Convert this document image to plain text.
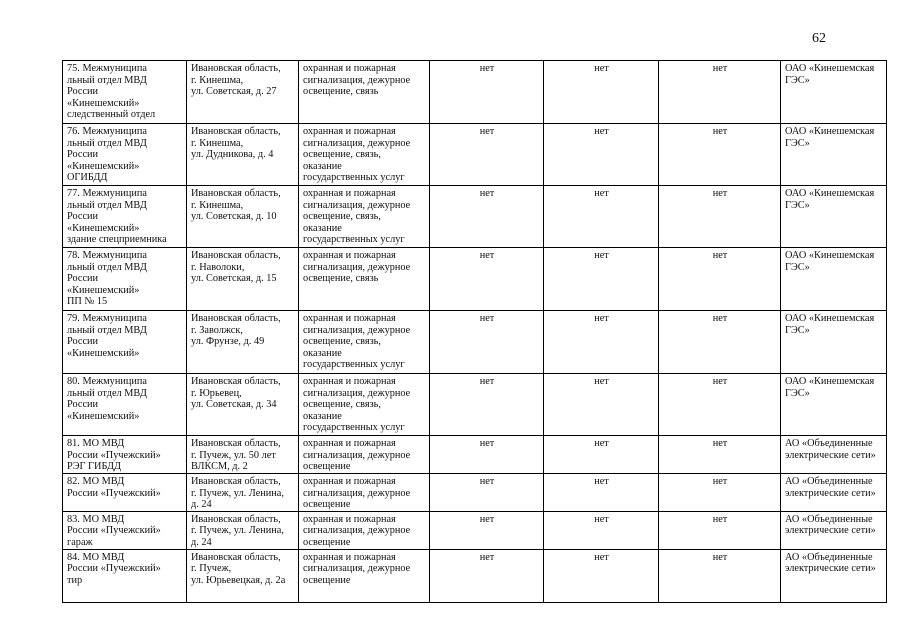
62
75. Межмуниципа
льный отдел МВД
России
«Кинешемский»
следственный отдел	Ивановская область,
г. Кинешма,
ул. Советская, д. 27	охранная и пожарная
сигнализация, дежурное
освещение, связь	нет	нет	нет	ОАО «Кинешемская
ГЭС»
76. Межмуниципа
льный отдел МВД
России
«Кинешемский»
ОГИБДД	Ивановская область,
г. Кинешма,
ул. Дудникова, д. 4	охранная и пожарная
сигнализация, дежурное
освещение, связь,
оказание
государственных услуг	нет	нет	нет	ОАО «Кинешемская
ГЭС»
77. Межмуниципа
льный отдел МВД
России
«Кинешемский»
здание спецприемника	Ивановская область,
г. Кинешма,
ул. Советская, д. 10	охранная и пожарная
сигнализация, дежурное
освещение, связь,
оказание
государственных услуг	нет	нет	нет	ОАО «Кинешемская
ГЭС»
78. Межмуниципа
льный отдел МВД
России
«Кинешемский»
ПП № 15	Ивановская область,
г. Наволоки,
ул. Советская, д. 15	охранная и пожарная
сигнализация, дежурное
освещение, связь	нет	нет	нет	ОАО «Кинешемская
ГЭС»
79. Межмуниципа
льный отдел МВД
России
«Кинешемский»	Ивановская область,
г. Заволжск,
ул. Фрунзе, д. 49	охранная и пожарная
сигнализация, дежурное
освещение, связь,
оказание
государственных услуг	нет	нет	нет	ОАО «Кинешемская
ГЭС»
80. Межмуниципа
льный отдел МВД
России
«Кинешемский»	Ивановская область,
г. Юрьевец,
ул. Советская, д. 34	охранная и пожарная
сигнализация, дежурное
освещение, связь,
оказание
государственных услуг	нет	нет	нет	ОАО «Кинешемская
ГЭС»
81. МО МВД
России «Пучежский»
РЭГ ГИБДД	Ивановская область,
г. Пучеж, ул. 50 лет
ВЛКСМ, д. 2	охранная и пожарная
сигнализация, дежурное
освещение	нет	нет	нет	АО «Объединенные
электрические сети»
82. МО МВД
России «Пучежский»	Ивановская область,
г. Пучеж, ул. Ленина,
д. 24	охранная и пожарная
сигнализация, дежурное
освещение	нет	нет	нет	АО «Объединенные
электрические сети»
83. МО МВД
России «Пучежский»
гараж	Ивановская область,
г. Пучеж, ул. Ленина,
д. 24	охранная и пожарная
сигнализация, дежурное
освещение	нет	нет	нет	АО «Объединенные
электрические сети»
84. МО МВД
России «Пучежский»
тир	Ивановская область,
г. Пучеж,
ул. Юрьевецкая, д. 2а	охранная и пожарная
сигнализация, дежурное
освещение	нет	нет	нет	АО «Объединенные
электрические сети»
